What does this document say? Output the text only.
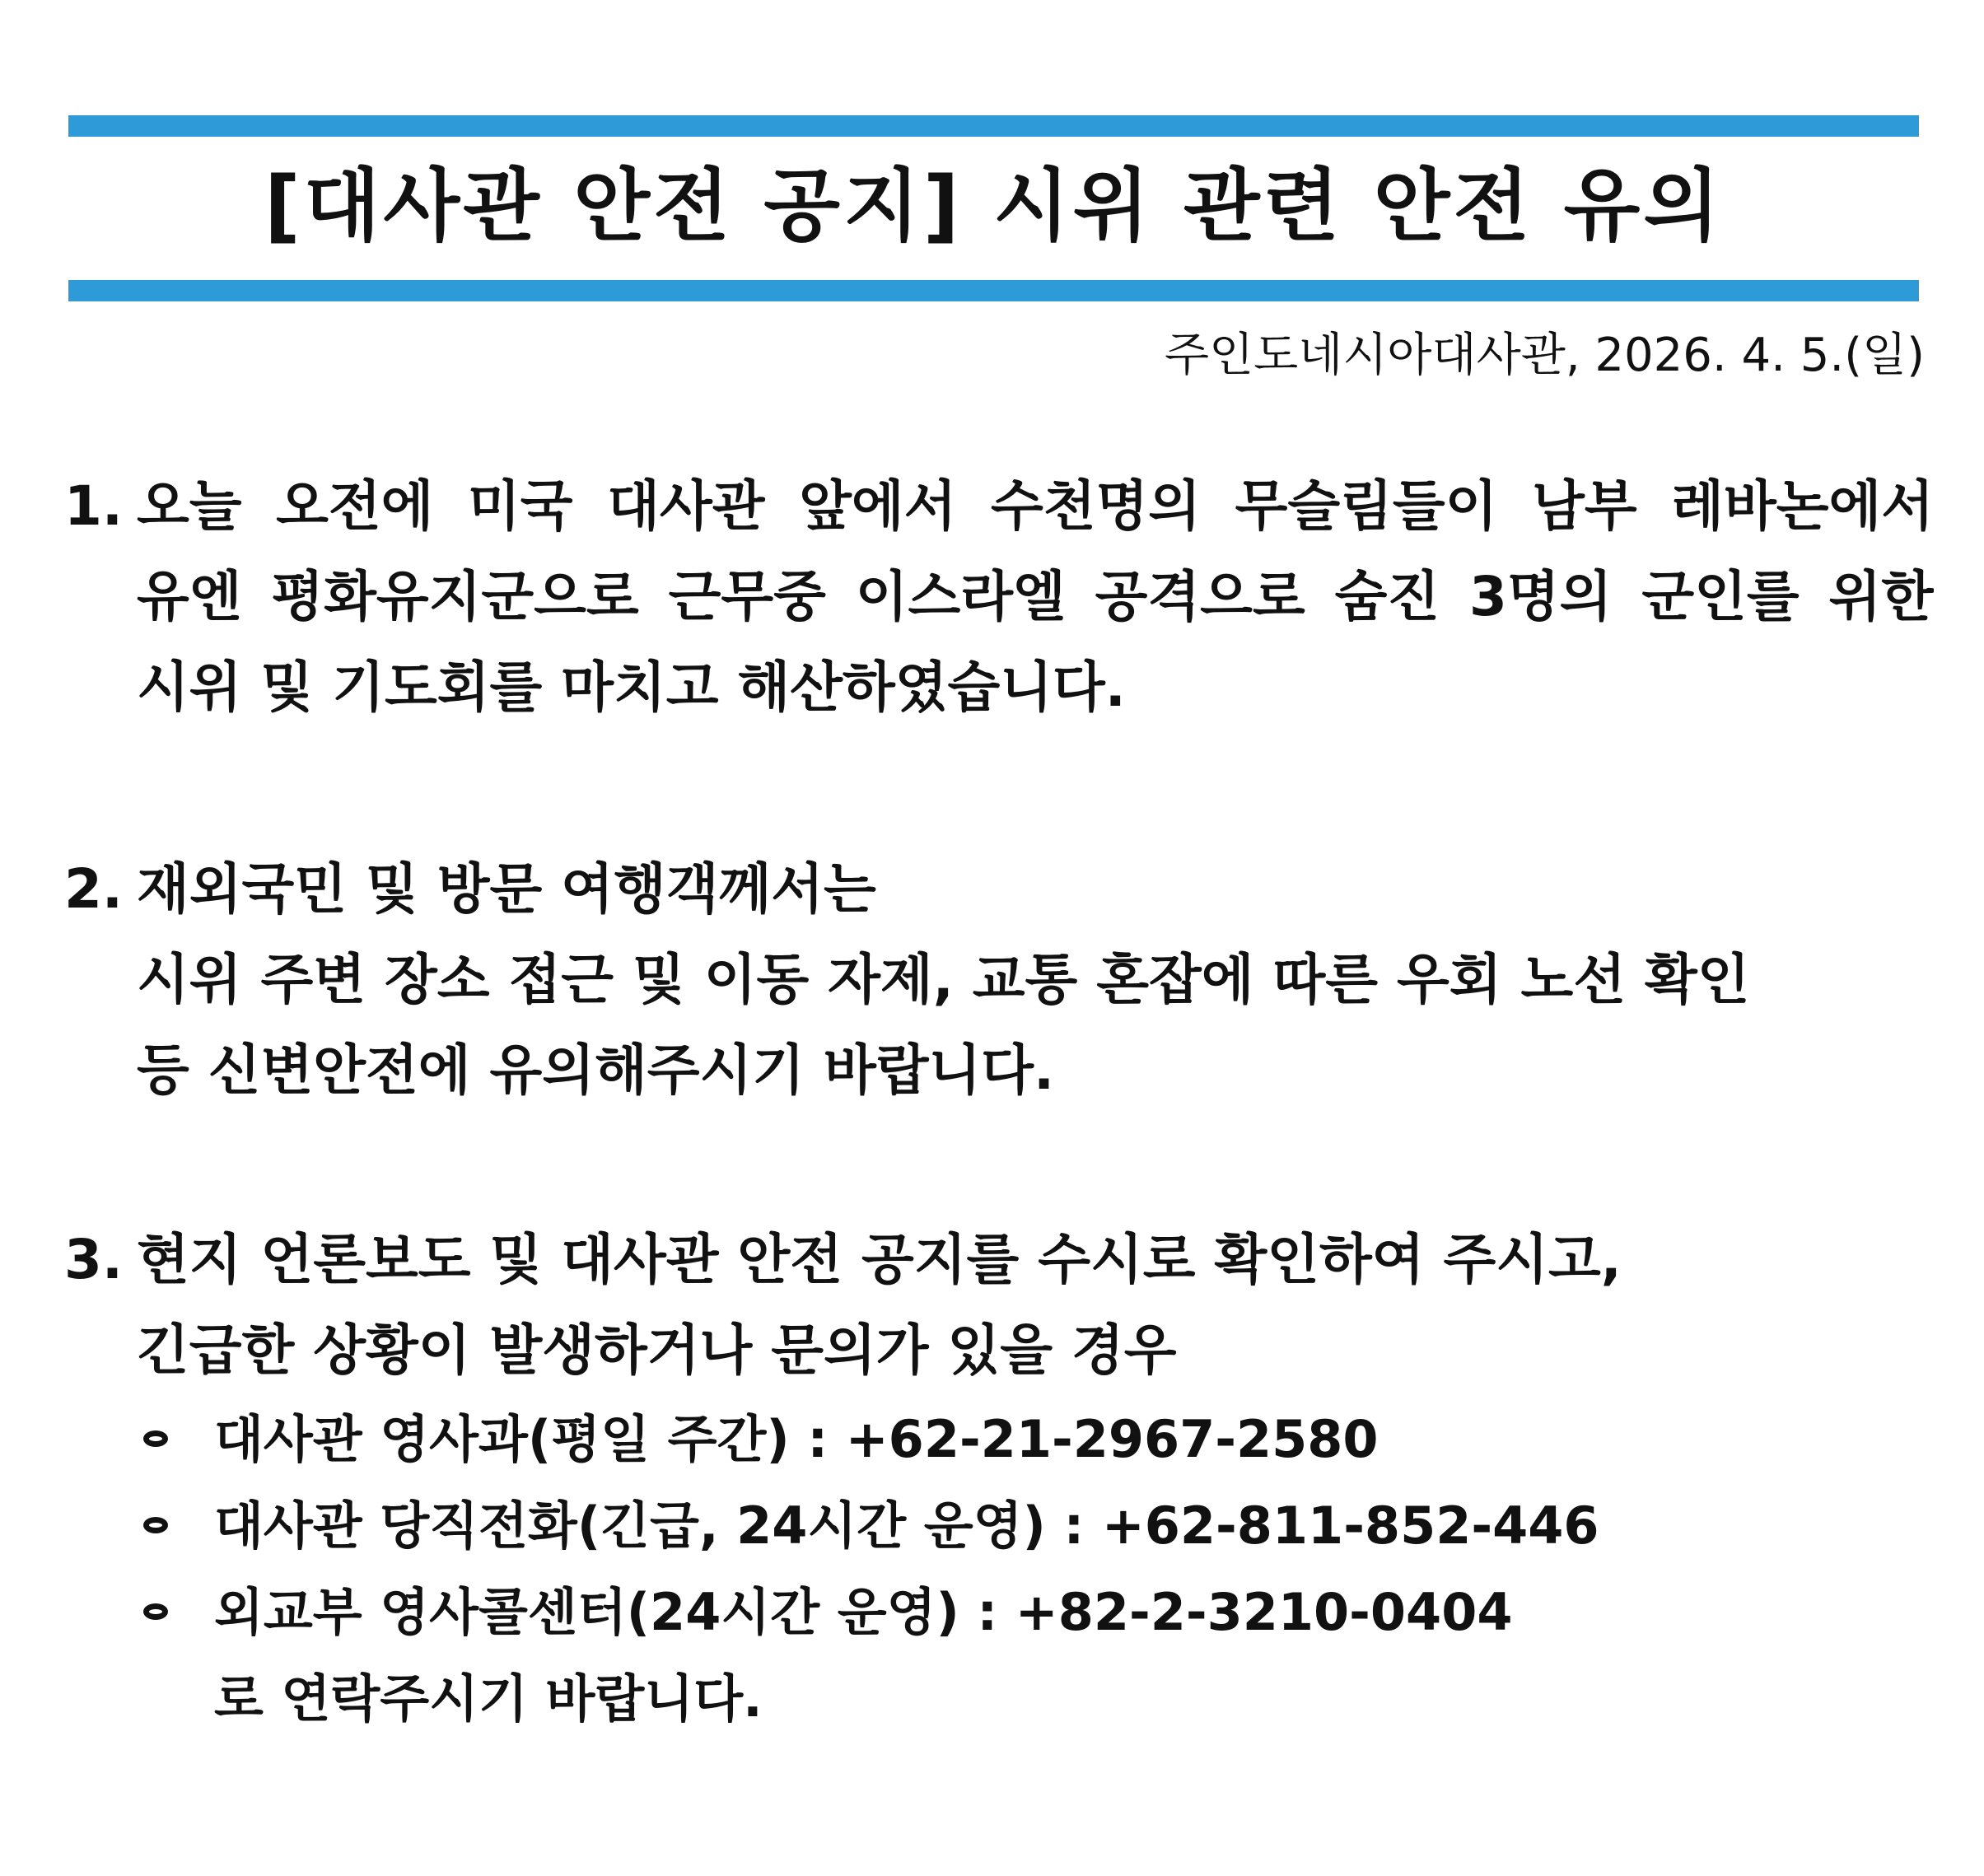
[대사관 안전 공지] 시위 관련 안전 유의
주인도네시아대사관, 2026. 4. 5.(일)
1. 오늘 오전에 미국 대사관 앞에서 수천명의 무슬림들이 남부 레바논에서
유엔 평화유지군으로 근무중 이스라엘 공격으로 숨진 3명의 군인를 위한
시위 및 기도회를 마치고 해산하였습니다.
2. 재외국민 및 방문 여행객께서는
시위 주변 장소 접근 및 이동 자제, 교통 혼잡에 따른 우회 노선 확인
등 신변안전에 유의해주시기 바랍니다.
3. 현지 언론보도 및 대사관 안전 공지를 수시로 확인하여 주시고,
긴급한 상황이 발생하거나 문의가 있을 경우
대사관 영사과(평일 주간) : +62-21-2967-2580
대사관 당직전화(긴급, 24시간 운영) : +62-811-852-446
외교부 영사콜센터(24시간 운영) : +82-2-3210-0404
로 연락주시기 바랍니다.
